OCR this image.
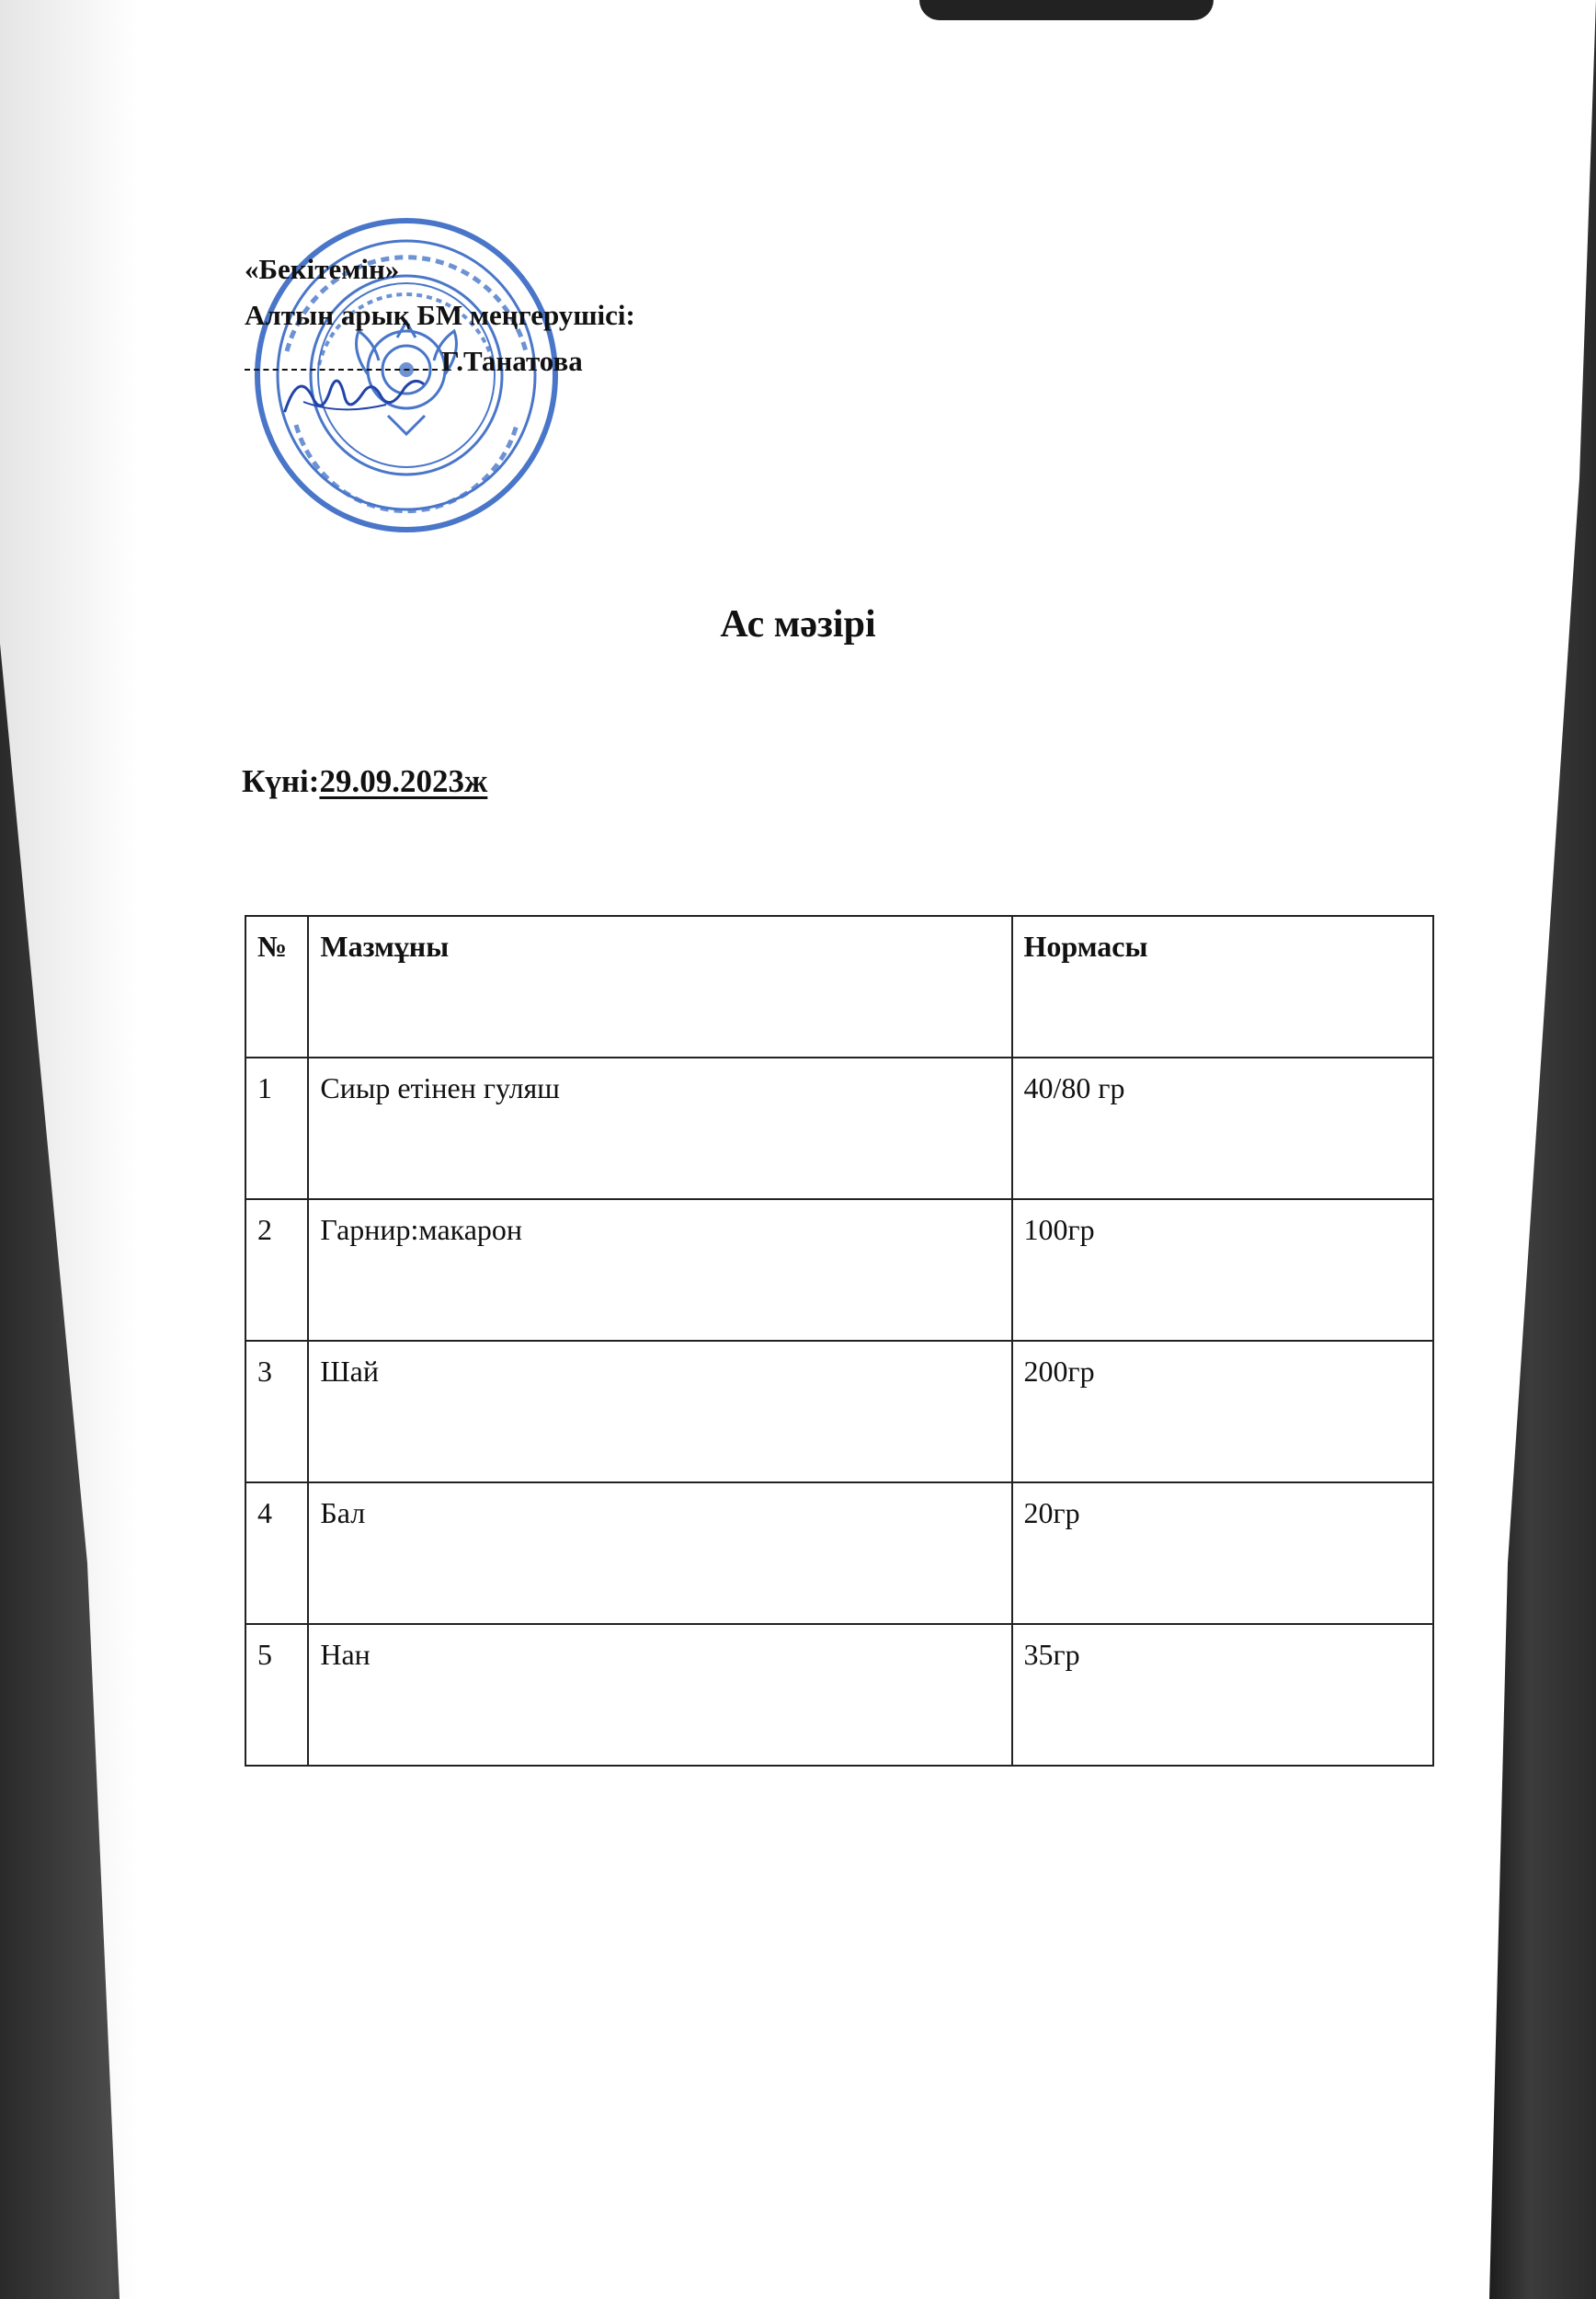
«Бекітемін»
Алтын арық БМ меңгерушісі:
Г.Танатова
Ас мәзірі
Күні:29.09.2023ж
№	Мазмұны	Нормасы
1	Сиыр етінен гуляш	40/80 гр
2	Гарнир:макарон	100гр
3	Шай	200гр
4	Бал	20гр
5	Нан	35гр
